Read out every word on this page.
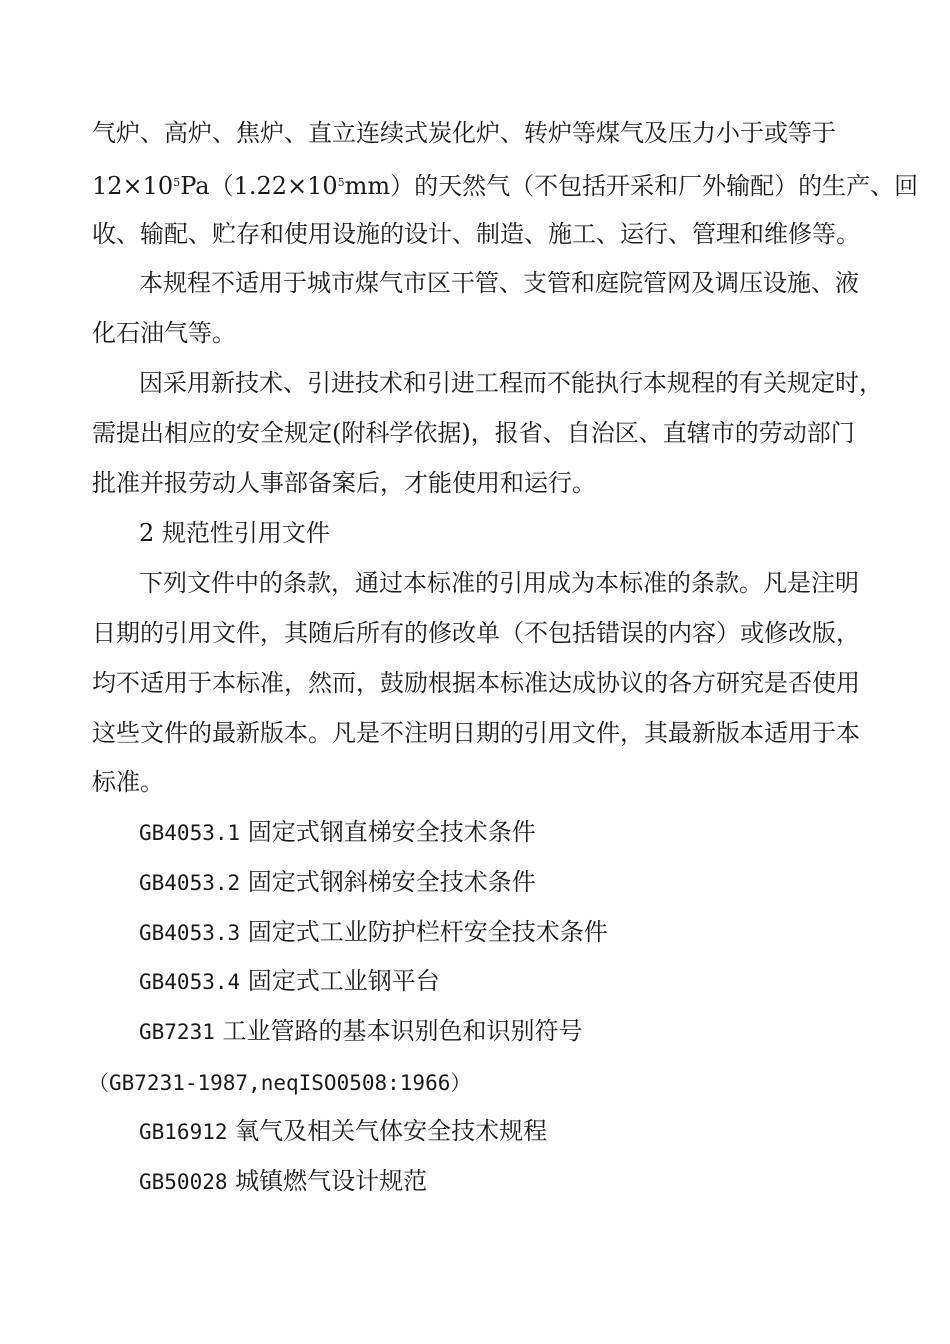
气炉、高炉、焦炉、直立连续式炭化炉、转炉等煤气及压力小于或等于
$12\times 10^5Pa(1.22\times 10^5mm)$的天然气（不包括开采和厂外输配）的生产、回
收、输配、贮存和使用设施的设计、制造、施工、运行、管理和维修等。
本规程不适用于城市煤气市区干管、支管和庭院管网及调压设施、液
化石油气等。
因采用新技术、引进技术和引进工程而不能执行本规程的有关规定时，
需提出相应的安全规定(附科学依据)，报省、自治区、直辖市的劳动部门
批准并报劳动人事部备案后，才能使用和运行。
2 规范性引用文件
下列文件中的条款，通过本标准的引用成为本标准的条款。凡是注明
日期的引用文件，其随后所有的修改单（不包括错误的内容）或修改版，
均不适用于本标准，然而，鼓励根据本标准达成协议的各方研究是否使用
这些文件的最新版本。凡是不注明日期的引用文件，其最新版本适用于本
标准。
GB4053.1 固定式钢直梯安全技术条件
GB4053.2 固定式钢斜梯安全技术条件
GB4053.3 固定式工业防护栏杆安全技术条件
GB4053.4 固定式工业钢平台
GB7231 工业管路的基本识别色和识别符号
（GB7231-1987,neqISO0508:1966）
GB16912 氧气及相关气体安全技术规程
GB50028 城镇燃气设计规范
